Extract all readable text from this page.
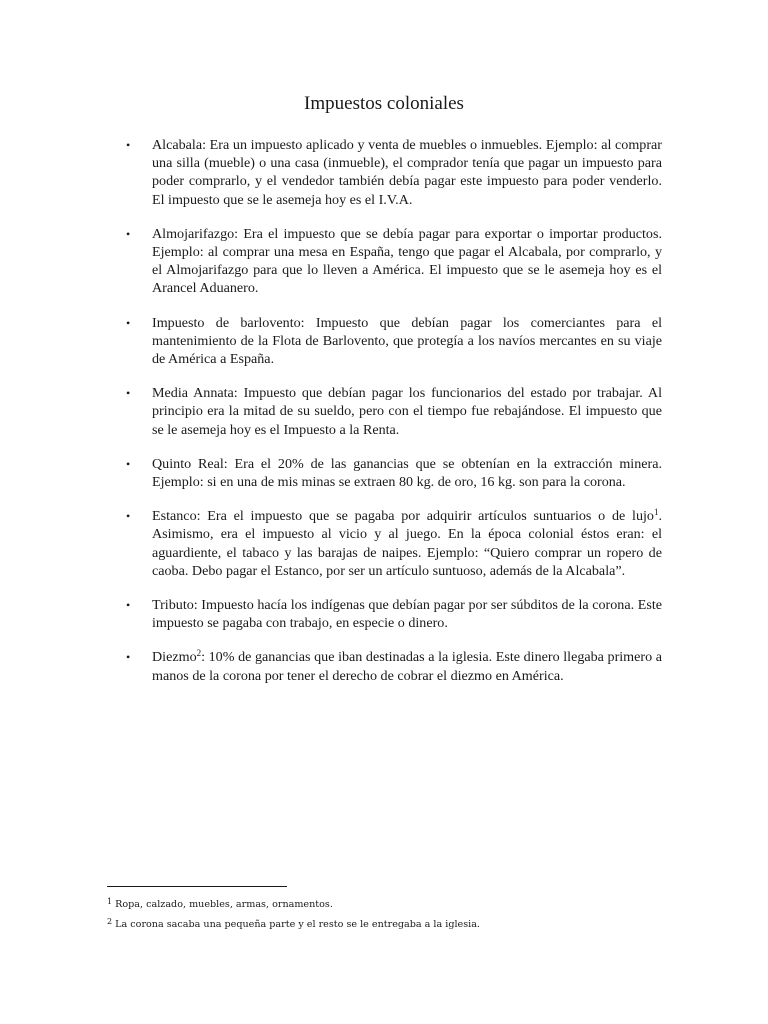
Impuestos coloniales
• Alcabala: Era un impuesto aplicado y venta de muebles o inmuebles. Ejemplo: al comprar una silla (mueble) o una casa (inmueble), el comprador tenía que pagar un impuesto para poder comprarlo, y el vendedor también debía pagar este impuesto para poder venderlo. El impuesto que se le asemeja hoy es el I.V.A.
• Almojarifazgo: Era el impuesto que se debía pagar para exportar o importar productos. Ejemplo: al comprar una mesa en España, tengo que pagar el Alcabala, por comprarlo, y el Almojarifazgo para que lo lleven a América. El impuesto que se le asemeja hoy es el Arancel Aduanero.
• Impuesto de barlovento: Impuesto que debían pagar los comerciantes para el mantenimiento de la Flota de Barlovento, que protegía a los navíos mercantes en su viaje de América a España.
• Media Annata: Impuesto que debían pagar los funcionarios del estado por trabajar. Al principio era la mitad de su sueldo, pero con el tiempo fue rebajándose. El impuesto que se le asemeja hoy es el Impuesto a la Renta.
• Quinto Real: Era el 20% de las ganancias que se obtenían en la extracción minera. Ejemplo: si en una de mis minas se extraen 80 kg. de oro, 16 kg. son para la corona.
• Estanco: Era el impuesto que se pagaba por adquirir artículos suntuarios o de lujo$^1$. Asimismo, era el impuesto al vicio y al juego. En la época colonial éstos eran: el aguardiente, el tabaco y las barajas de naipes. Ejemplo: “Quiero comprar un ropero de caoba. Debo pagar el Estanco, por ser un artículo suntuoso, además de la Alcabala”.
• Tributo: Impuesto hacía los indígenas que debían pagar por ser súbditos de la corona. Este impuesto se pagaba con trabajo, en especie o dinero.
• Diezmo$^2$: 10% de ganancias que iban destinadas a la iglesia. Este dinero llegaba primero a manos de la corona por tener el derecho de cobrar el diezmo en América.
$^1$ Ropa, calzado, muebles, armas, ornamentos.
$^2$ La corona sacaba una pequeña parte y el resto se le entregaba a la iglesia.
